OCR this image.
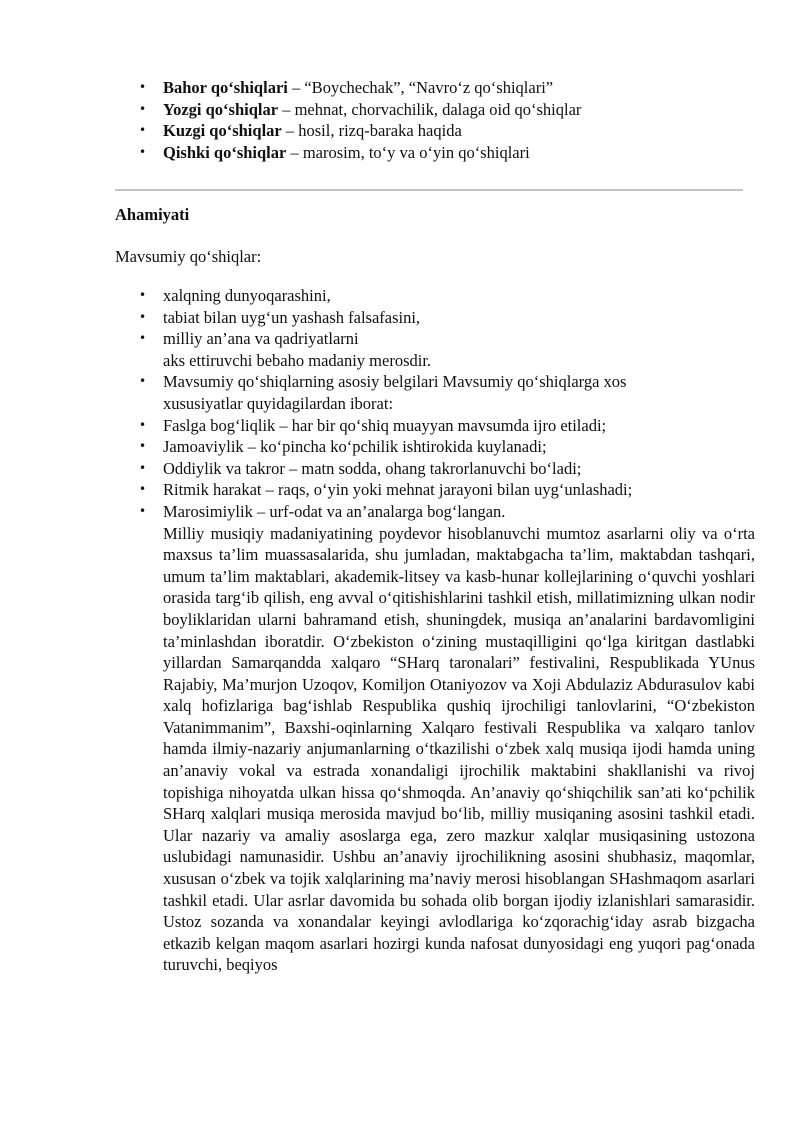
• Bahor qo‘shiqlari – “Boychechak”, “Navro‘z qo‘shiqlari”
• Yozgi qo‘shiqlar – mehnat, chorvachilik, dalaga oid qo‘shiqlar
• Kuzgi qo‘shiqlar – hosil, rizq-baraka haqida
• Qishki qo‘shiqlar – marosim, to‘y va o‘yin qo‘shiqlari
Ahamiyati

Mavsumiy qo‘shiqlar:

• xalqning dunyoqarashini,
• tabiat bilan uyg‘un yashash falsafasini,
• milliy an’ana va qadriyatlarni
aks ettiruvchi bebaho madaniy merosdir.
• Mavsumiy qo‘shiqlarning asosiy belgilari Mavsumiy qo‘shiqlarga xos
xususiyatlar quyidagilardan iborat:
• Faslga bog‘liqlik – har bir qo‘shiq muayyan mavsumda ijro etiladi;
• Jamoaviylik – ko‘pincha ko‘pchilik ishtirokida kuylanadi;
• Oddiylik va takror – matn sodda, ohang takrorlanuvchi bo‘ladi;
• Ritmik harakat – raqs, o‘yin yoki mehnat jarayoni bilan uyg‘unlashadi;
• Marosimiylik – urf-odat va an’analarga bog‘langan.
Milliy musiqiy madaniyatining poydevor hisoblanuvchi mumtoz asarlarni oliy va o‘rta maxsus ta’lim muassasalarida, shu jumladan, maktabgacha ta’lim, maktabdan tashqari, umum ta’lim maktablari, akademik-litsey va kasb-hunar kollejlarining o‘quvchi yoshlari orasida targ‘ib qilish, eng avval o‘qitishishlarini tashkil etish, millatimizning ulkan nodir boyliklaridan ularni bahramand etish, shuningdek, musiqa an’analarini bardavomligini ta’minlashdan iboratdir. O‘zbekiston o‘zining mustaqilligini qo‘lga kiritgan dastlabki yillardan Samarqandda xalqaro “SHarq taronalari” festivalini, Respublikada YUnus Rajabiy, Ma’murjon Uzoqov, Komiljon Otaniyozov va Xoji Abdulaziz Abdurasulov kabi xalq hofizlariga bag‘ishlab Respublika qushiq ijrochiligi tanlovlarini, “O‘zbekiston Vatanimmanim”, Baxshi-oqinlarning Xalqaro festivali Respublika va xalqaro tanlov hamda ilmiy-nazariy anjumanlarning o‘tkazilishi o‘zbek xalq musiqa ijodi hamda uning an’anaviy vokal va estrada xonandaligi ijrochilik maktabini shakllanishi va rivoj topishiga nihoyatda ulkan hissa qo‘shmoqda. An’anaviy qo‘shiqchilik san’ati ko‘pchilik SHarq xalqlari musiqa merosida mavjud bo‘lib, milliy musiqaning asosini tashkil etadi. Ular nazariy va amaliy asoslarga ega, zero mazkur xalqlar musiqasining ustozona uslubidagi namunasidir. Ushbu an’anaviy ijrochilikning asosini shubhasiz, maqomlar, xususan o‘zbek va tojik xalqlarining ma’naviy merosi hisoblangan SHashmaqom asarlari tashkil etadi. Ular asrlar davomida bu sohada olib borgan ijodiy izlanishlari samarasidir. Ustoz sozanda va xonandalar keyingi avlodlariga ko‘zqorachig‘iday asrab bizgacha etkazib kelgan maqom asarlari hozirgi kunda nafosat dunyosidagi eng yuqori pag‘onada turuvchi, beqiyos
